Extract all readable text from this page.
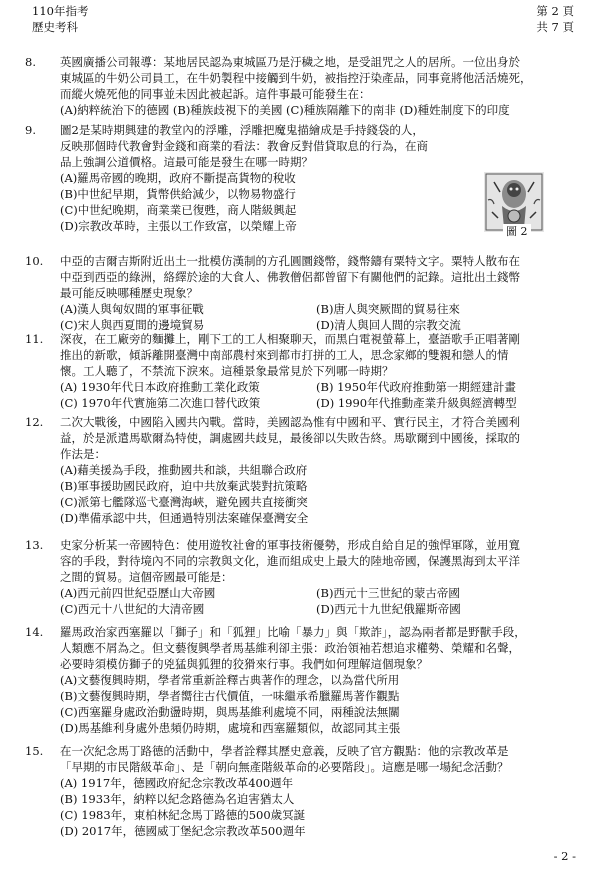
110年指考
歷史考科
第 2 頁
共 7 頁
8.	英國廣播公司報導：某地居民認為東城區乃是汙穢之地，是受詛咒之人的居所。一位出身於
東城區的牛奶公司員工，在牛奶製程中接觸到牛奶，被指控汙染產品，同事竟將他活活燒死，
而縱火燒死他的同事並未因此被起訴。這件事最可能發生在：
(A)納粹統治下的德國 (B)種族歧視下的美國 (C)種族隔離下的南非 (D)種姓制度下的印度
9.	圖2是某時期興建的教堂內的浮雕，浮雕把魔鬼描繪成是手持錢袋的人，
反映那個時代教會對金錢和商業的看法：教會反對借貸取息的行為，在商
品上強調公道價格。這最可能是發生在哪一時期？
(A)羅馬帝國的晚期，政府不斷提高貨物的稅收
(B)中世紀早期，貨幣供給減少，以物易物盛行
(C)中世紀晚期，商業業已復甦，商人階級興起
(D)宗教改革時，主張以工作致富，以榮耀上帝	圖 2
10. 中亞的吉爾吉斯附近出土一批模仿漢制的方孔圓圜錢幣，錢幣鑄有粟特文字。粟特人散布在
中亞到西亞的綠洲，絡繹於途的大食人、佛教僧侶都曾留下有關他們的記錄。這批出土錢幣
最可能反映哪種歷史現象？
(A)漢人與匈奴間的軍事征戰	(B)唐人與突厥間的貿易往來
(C)宋人與西夏間的邊境貿易	(D)清人與回人間的宗教交流
11. 深夜，在工廠旁的麵攤上，剛下工的工人相聚聊天，而黑白電視螢幕上，臺語歌手正唱著剛
推出的新歌，傾訴離開臺灣中南部農村來到都市打拼的工人，思念家鄉的雙親和戀人的情
懷。工人聽了，不禁流下淚來。這種景象最常見於下列哪一時期？
(A) 1930年代日本政府推動工業化政策	(B) 1950年代政府推動第一期經建計畫
(C) 1970年代實施第二次進口替代政策	(D) 1990年代推動產業升級與經濟轉型
12. 二次大戰後，中國陷入國共內戰。當時，美國認為惟有中國和平、實行民主，才符合美國利
益，於是派遣馬歇爾為特使，調處國共歧見，最後卻以失敗告終。馬歇爾到中國後，採取的
作法是：
(A)藉美援為手段，推動國共和談，共組聯合政府
(B)軍事援助國民政府，迫中共放棄武裝對抗策略
(C)派第七艦隊巡弋臺灣海峽，避免國共直接衝突
(D)準備承認中共，但通過特別法案確保臺灣安全
13. 史家分析某一帝國特色：使用遊牧社會的軍事技術優勢，形成自給自足的強悍軍隊，並用寬
容的手段，對待境內不同的宗教與文化，進而組成史上最大的陸地帝國，保護黑海到太平洋
之間的貿易。這個帝國最可能是：
(A)西元前四世紀亞歷山大帝國	(B)西元十三世紀的蒙古帝國
(C)西元十八世紀的大清帝國	(D)西元十九世紀俄羅斯帝國
14. 羅馬政治家西塞羅以「獅子」和「狐狸」比喻「暴力」與「欺詐」，認為兩者都是野獸手段，
人類應不屑為之。但文藝復興學者馬基維利卻主張：政治領袖若想追求權勢、榮耀和名聲，
必要時須模仿獅子的兇猛與狐狸的狡猾來行事。我們如何理解這個現象？
(A)文藝復興時期，學者常重新詮釋古典著作的理念，以為當代所用
(B)文藝復興時期，學者嚮往古代價值，一味繼承希臘羅馬著作觀點
(C)西塞羅身處政治動盪時期，與馬基維利處境不同，兩種說法無關
(D)馬基維利身處外患頻仍時期，處境和西塞羅類似，故認同其主張
15. 在一次紀念馬丁路德的活動中，學者詮釋其歷史意義，反映了官方觀點：他的宗教改革是
「早期的市民階級革命」、是「朝向無產階級革命的必要階段」。這應是哪一場紀念活動？
(A) 1917年，德國政府紀念宗教改革400週年
(B) 1933年，納粹以紀念路德為名迫害猶太人
(C) 1983年，東柏林紀念馬丁路德的500歲冥誕
(D) 2017年，德國威丁堡紀念宗教改革500週年
- 2 -
